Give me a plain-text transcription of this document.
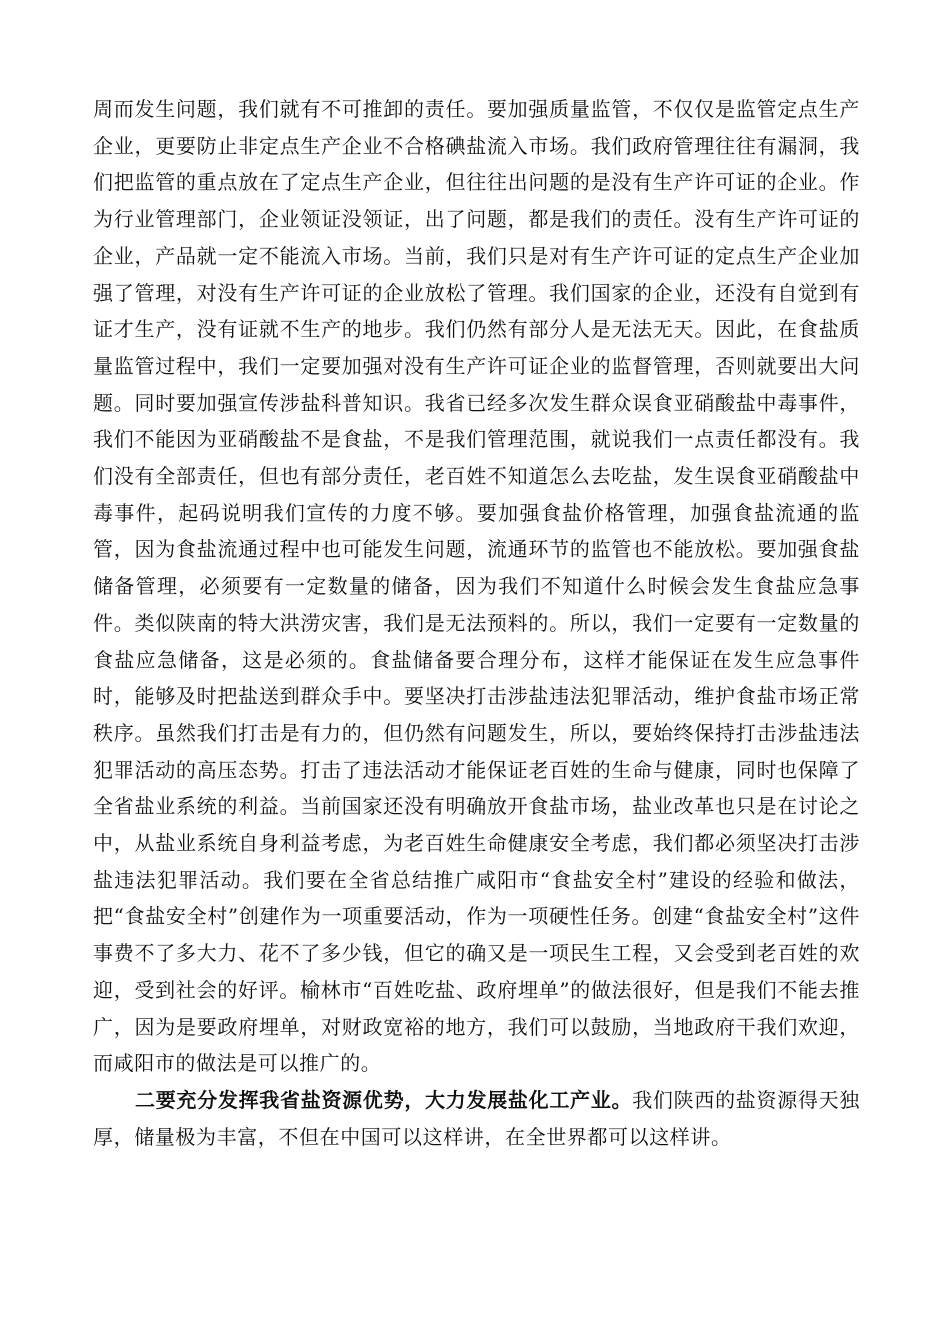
周而发生问题，我们就有不可推卸的责任。要加强质量监管，不仅仅是监管定点生产企业，更要防止非定点生产企业不合格碘盐流入市场。我们政府管理往往有漏洞，我们把监管的重点放在了定点生产企业，但往往出问题的是没有生产许可证的企业。作为行业管理部门，企业领证没领证，出了问题，都是我们的责任。没有生产许可证的企业，产品就一定不能流入市场。当前，我们只是对有生产许可证的定点生产企业加强了管理，对没有生产许可证的企业放松了管理。我们国家的企业，还没有自觉到有证才生产，没有证就不生产的地步。我们仍然有部分人是无法无天。因此，在食盐质量监管过程中，我们一定要加强对没有生产许可证企业的监督管理，否则就要出大问题。同时要加强宣传涉盐科普知识。我省已经多次发生群众误食亚硝酸盐中毒事件，我们不能因为亚硝酸盐不是食盐，不是我们管理范围，就说我们一点责任都没有。我们没有全部责任，但也有部分责任，老百姓不知道怎么去吃盐，发生误食亚硝酸盐中毒事件，起码说明我们宣传的力度不够。要加强食盐价格管理，加强食盐流通的监管，因为食盐流通过程中也可能发生问题，流通环节的监管也不能放松。要加强食盐储备管理，必须要有一定数量的储备，因为我们不知道什么时候会发生食盐应急事件。类似陕南的特大洪涝灾害，我们是无法预料的。所以，我们一定要有一定数量的食盐应急储备，这是必须的。食盐储备要合理分布，这样才能保证在发生应急事件时，能够及时把盐送到群众手中。要坚决打击涉盐违法犯罪活动，维护食盐市场正常秩序。虽然我们打击是有力的，但仍然有问题发生，所以，要始终保持打击涉盐违法犯罪活动的高压态势。打击了违法活动才能保证老百姓的生命与健康，同时也保障了全省盐业系统的利益。当前国家还没有明确放开食盐市场，盐业改革也只是在讨论之中，从盐业系统自身利益考虑，为老百姓生命健康安全考虑，我们都必须坚决打击涉盐违法犯罪活动。我们要在全省总结推广咸阳市“食盐安全村”建设的经验和做法，把“食盐安全村”创建作为一项重要活动，作为一项硬性任务。创建“食盐安全村”这件事费不了多大力、花不了多少钱，但它的确又是一项民生工程，又会受到老百姓的欢迎，受到社会的好评。榆林市“百姓吃盐、政府埋单”的做法很好，但是我们不能去推广，因为是要政府埋单，对财政宽裕的地方，我们可以鼓励，当地政府干我们欢迎，而咸阳市的做法是可以推广的。

二要充分发挥我省盐资源优势，大力发展盐化工产业。我们陕西的盐资源得天独厚，储量极为丰富，不但在中国可以这样讲，在全世界都可以这样讲。
